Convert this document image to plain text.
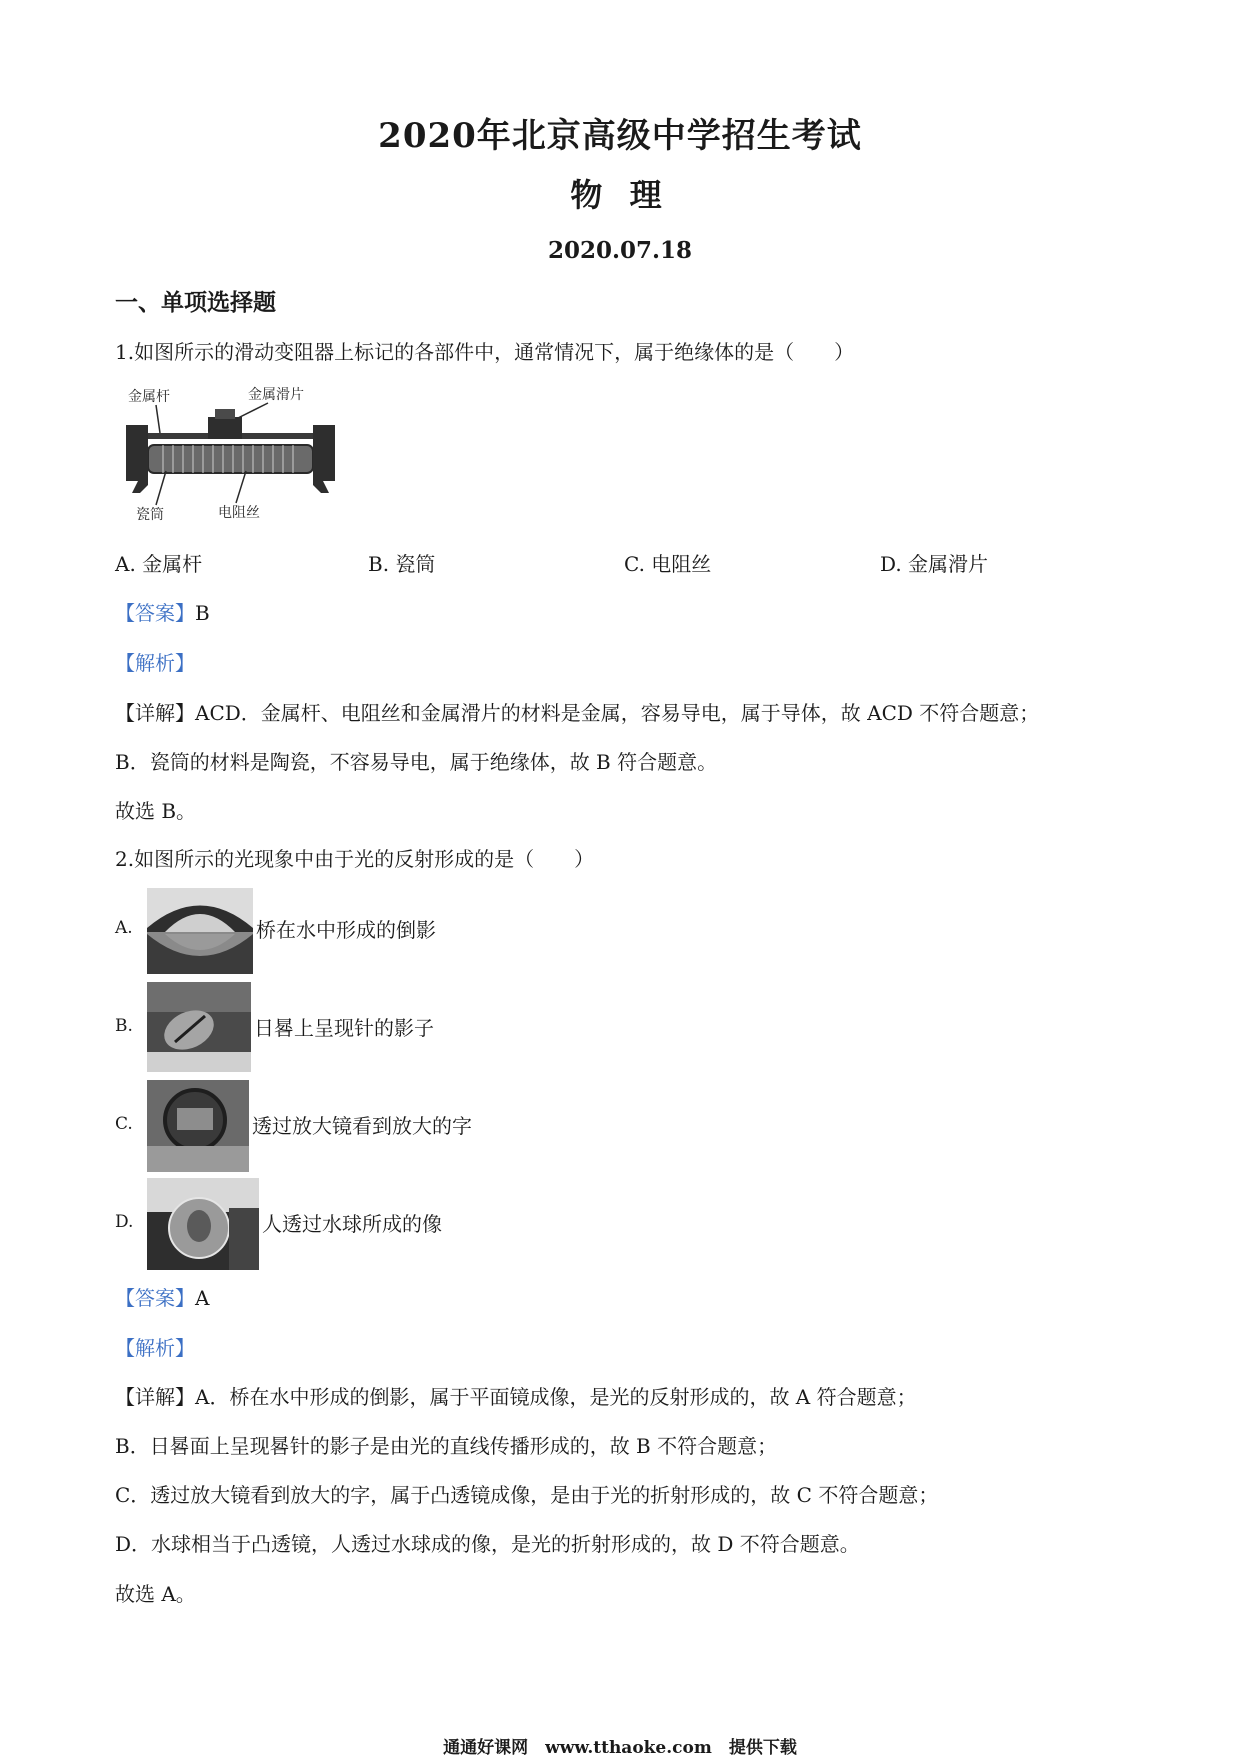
2020年北京高级中学招生考试
物 理
2020.07.18
一、单项选择题
1.如图所示的滑动变阻器上标记的各部件中，通常情况下，属于绝缘体的是（　　）
金属杆	金属滑片
瓷筒	电阻丝
A. 金属杆	B. 瓷筒	C. 电阻丝	D. 金属滑片
【答案】B
【解析】
【详解】ACD．金属杆、电阻丝和金属滑片的材料是金属，容易导电，属于导体，故 ACD 不符合题意；
B．瓷筒的材料是陶瓷，不容易导电，属于绝缘体，故 B 符合题意。
故选 B。
2.如图所示的光现象中由于光的反射形成的是（　　）
A.	桥在水中形成的倒影
B.	日晷上呈现针的影子
C.	透过放大镜看到放大的字
D.	人透过水球所成的像
【答案】A
【解析】
【详解】A．桥在水中形成的倒影，属于平面镜成像，是光的反射形成的，故 A 符合题意；
B．日晷面上呈现晷针的影子是由光的直线传播形成的，故 B 不符合题意；
C．透过放大镜看到放大的字，属于凸透镜成像，是由于光的折射形成的，故 C 不符合题意；
D．水球相当于凸透镜，人透过水球成的像，是光的折射形成的，故 D 不符合题意。
故选 A。
通通好课网　www.tthaoke.com　提供下载
